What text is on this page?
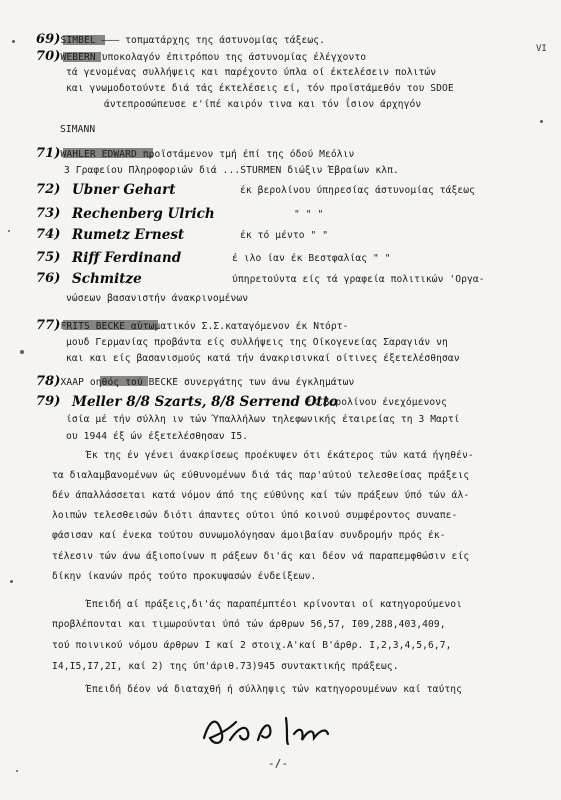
VI
69)SIMBEL ——— τοπματάρχης της άστυνομίας τάξεως.
70)WEBERN υποκολαγόν έπιτρόπου της άστυνομίας έλέγχοντο
τά γενομένας συλλήψεις και παρέχοντο ύπλα οί έκτελέσειν πολιτών
και γνωμοδοτούντε διά τάς έκτελέσεις εί, τόν προϊστάμεθόν του SDOE
άντεπροσώπευσε ε'ίπέ καιρόν τινα και τόν ΐσιον άρχηγόν
SIMANN
71)WAHLER EDWARD προϊστάμενον τμή έπί της όδού Μεόλιν
3 Γραφείου Πληροφοριών διά ...STURMEN διώξιν Έβραίων κλπ.
72) Ubner Gehart	έκ βερολίνου ύπηρεσίας άστυνομίας τάξεως
73) Rechenberg Ulrich	" " "
74) Rumetz Ernest	έκ τό μέντο " "
75) Riff Ferdinand	έ ιλο ίαν έκ Βεστφαλίας " "
76) Schmitze	ύπηρετούντα είς τά γραφεία πολιτικών 'Οργα-
νώσεων βασανιστήν άνακρινομένων
77)FRITS BECKE αὐτωματικόν Σ.Σ.καταγόμενον έκ Ντόρτ-
μουδ Γερμανίας προβάντα είς συλλήψεις της Οίκογενείας Σαραγιάν νη
και και είς βασανισμούς κατά τήν άνακρισινκαί οίτινες έξετελέσθησαν
78)XAAP οηθός τού BECKE συνεργάτης των άνω έγκλημάτων
79) Meller 8/8 Szarts, 8/8 Serrend Otto
έκ βερολίνου ένεχόμενονς
ίσία μέ τήν σύλλη ιν τών Ύπαλλήλων τηλεφωνικής έταιρείας τη 3 Μαρτί
ου 1944 έξ ών έξετελέσθησαν Ι5.
Έκ της έν γένει άνακρίσεως προέκυψεν ότι έκάτερος τών κατά ήγηθέν-
τα διαλαμβανομένων ώς εύθυνομένων διά τάς παρ'αύτού τελεσθείσας πράξεις
δέν άπαλλάσσεται κατά νόμον άπό της εύθύνης καί τών πράξεων ύπό τών άλ-
λοιπών τελεσθεισών διότι άπαντες ούτοι ύπό κοινού συμφέροντος συναπε-
φάσισαν καί ένεκα τούτου συνωμολόγησαν άμοιβαίαν συνδρομήν πρός έκ-
τέλεσιν τών άνω άξιοποίνων π ράξεων δι'άς και δέον νά παραπεμφθώσιν είς
δίκην ίκανών πρός τούτο προκυψασών ένδείξεων.
Έπειδή αί πράξεις,δι'άς παραπέμπτέοι κρίνονται οί κατηγορούμενοι
προβλέπονται και τιμωρούνται ύπό τών άρθρων 56,57, Ι09,288,403,409,
τού ποινικού νόμου άρθρων Ι καί 2 στοιχ.Α'καί Β'άρθρ. Ι,2,3,4,5,6,7,
Ι4,Ι5,Ι7,2Ι, καί 2) της ύπ'άριθ.73)945 συντακτικής πράξεως.
Έπειδή δέον νά διαταχθή ή σύλληψις τών κατηγορουμένων καί ταύτης
-/-
